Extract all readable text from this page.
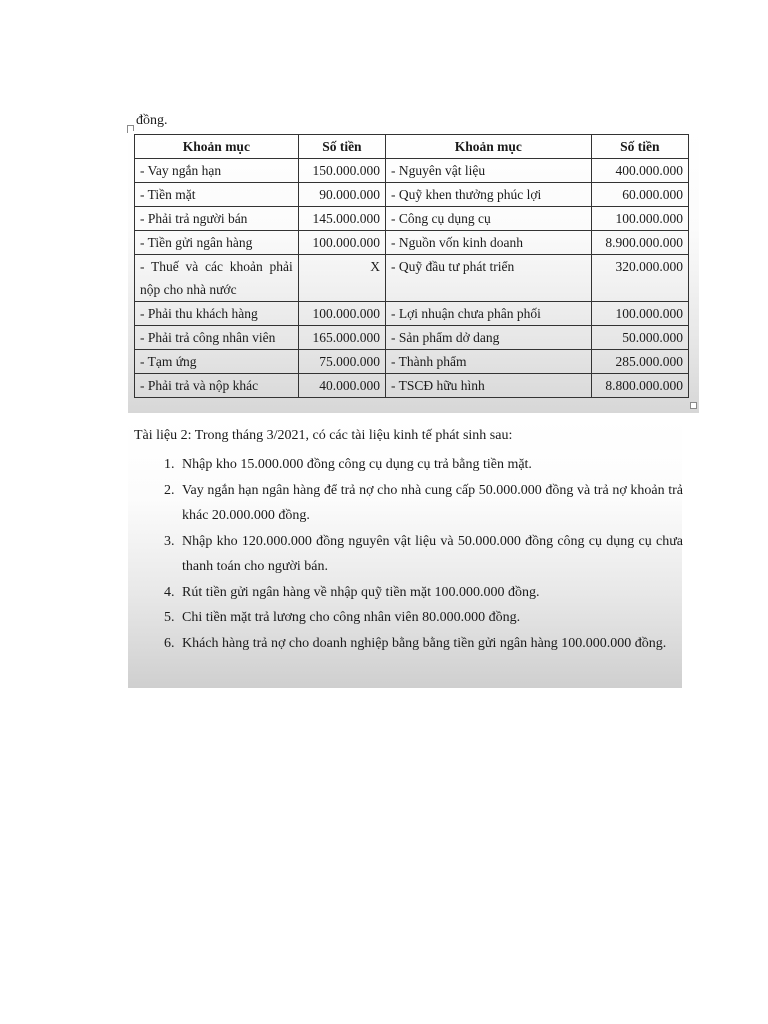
đồng.
Khoản mục	Số tiền	Khoản mục	Số tiền
- Vay ngắn hạn	150.000.000	- Nguyên vật liệu	400.000.000
- Tiền mặt	90.000.000	- Quỹ khen thưởng phúc lợi	60.000.000
- Phải trả người bán	145.000.000	- Công cụ dụng cụ	100.000.000
- Tiền gửi ngân hàng	100.000.000	- Nguồn vốn kinh doanh	8.900.000.000
- Thuế và các khoản phải nộp cho nhà nước	X	- Quỹ đầu tư phát triển	320.000.000
- Phải thu khách hàng	100.000.000	- Lợi nhuận chưa phân phối	100.000.000
- Phải trả công nhân viên	165.000.000	- Sản phẩm dở dang	50.000.000
- Tạm ứng	75.000.000	- Thành phẩm	285.000.000
- Phải trả và nộp khác	40.000.000	- TSCĐ hữu hình	8.800.000.000
Tài liệu 2: Trong tháng 3/2021, có các tài liệu kinh tế phát sinh sau:
1. Nhập kho 15.000.000 đồng công cụ dụng cụ trả bằng tiền mặt.
2. Vay ngắn hạn ngân hàng để trả nợ cho nhà cung cấp 50.000.000 đồng và trả nợ khoản trả khác 20.000.000 đồng.
3. Nhập kho 120.000.000 đồng nguyên vật liệu và 50.000.000 đồng công cụ dụng cụ chưa thanh toán cho người bán.
4. Rút tiền gửi ngân hàng về nhập quỹ tiền mặt 100.000.000 đồng.
5. Chi tiền mặt trả lương cho công nhân viên 80.000.000 đồng.
6. Khách hàng trả nợ cho doanh nghiệp bằng bằng tiền gửi ngân hàng 100.000.000 đồng.
